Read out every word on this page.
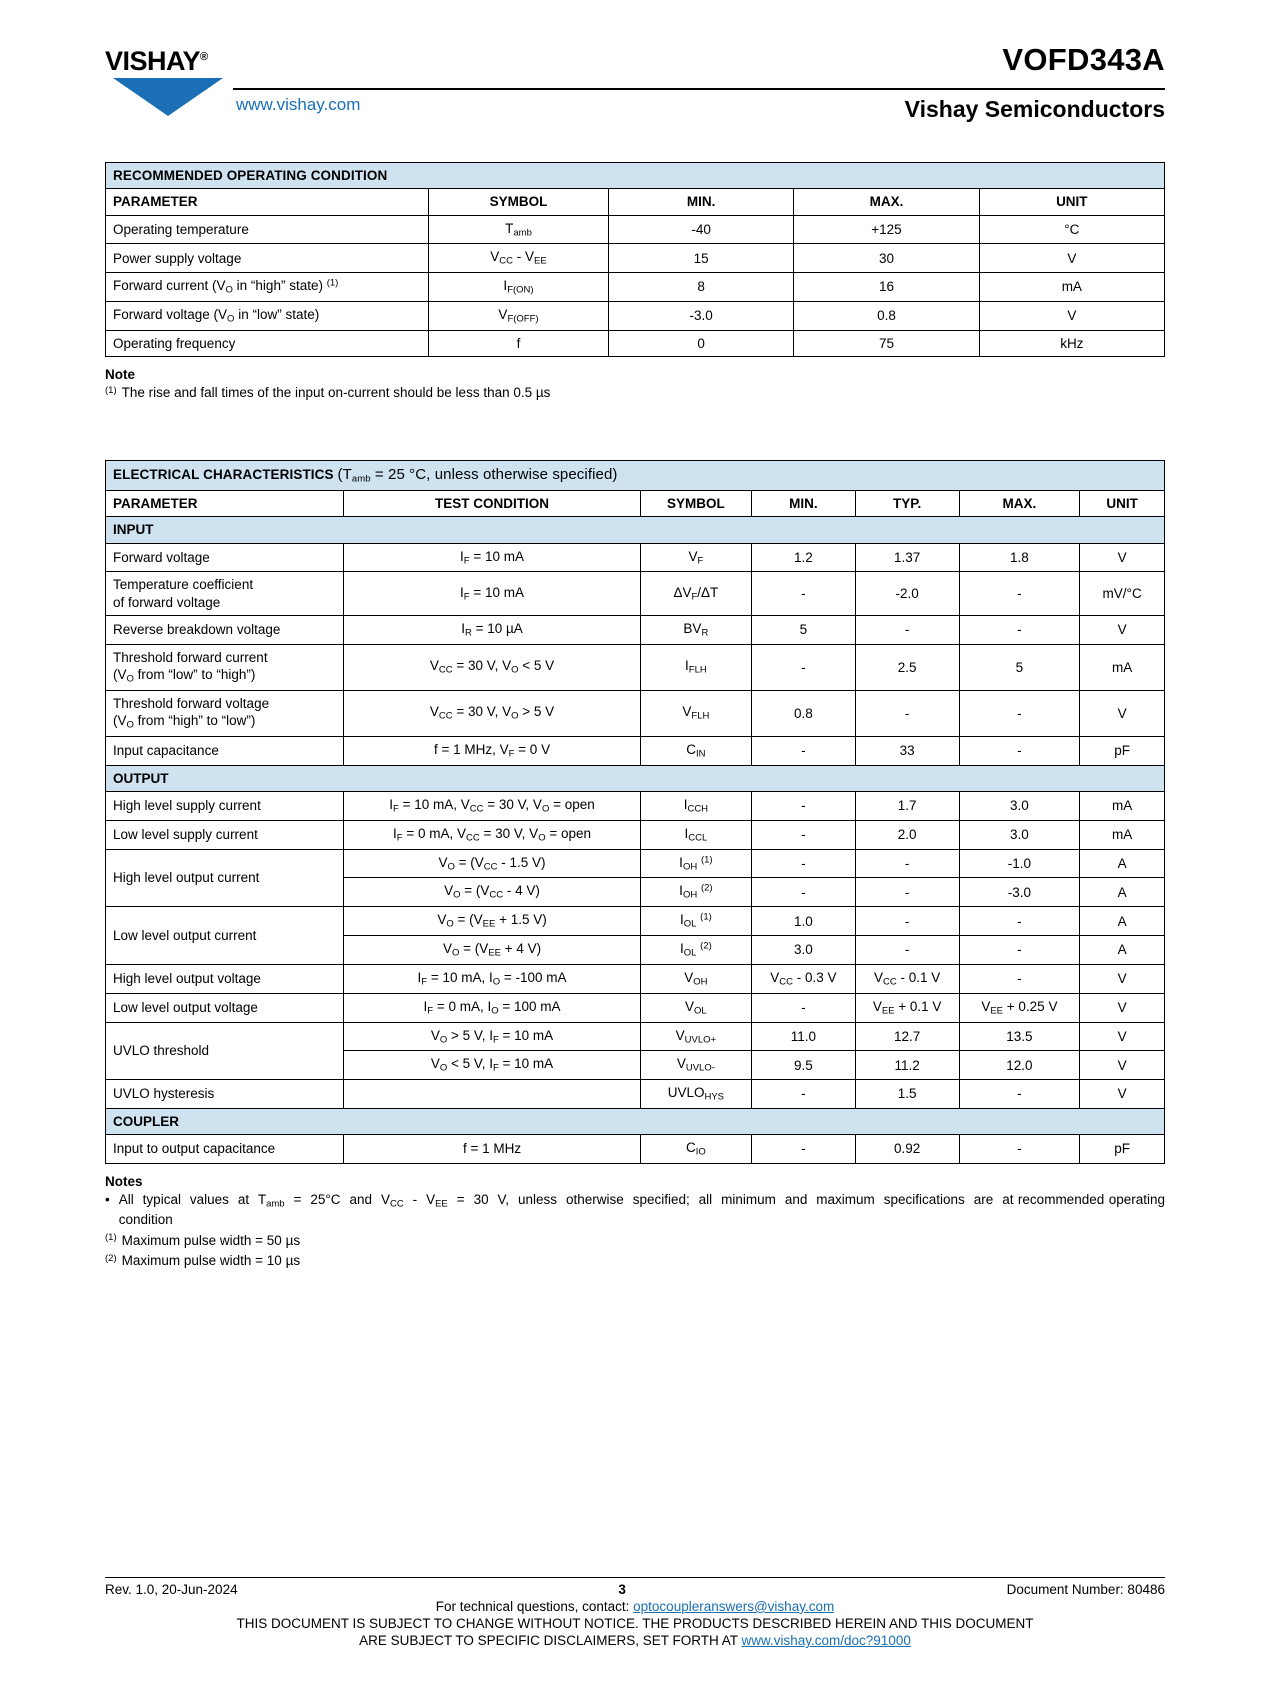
VISHAY®
www.vishay.com
VOFD343A
Vishay Semiconductors
RECOMMENDED OPERATING CONDITION				
PARAMETER	SYMBOL	MIN.	MAX.	UNIT
Operating temperature	$T_{amb}$	-40	+125	°C
Power supply voltage	$V_{CC} - V_{EE}$	15	30	V
Forward current ($V_O$ in “high” state) $^{(1)}$	$I_{F(ON)}$	8	16	mA
Forward voltage ($V_O$ in “low” state)	$V_{F(OFF)}$	-3.0	0.8	V
Operating frequency	f	0	75	kHz
Note
$^{(1)}$ The rise and fall times of the input on-current should be less than 0.5 µs
ELECTRICAL CHARACTERISTICS ($T_{amb} = 25$ °C, unless otherwise specified)						
PARAMETER	TEST CONDITION	SYMBOL	MIN.	TYP.	MAX.	UNIT
INPUT						
Forward voltage	$I_F = 10$ mA	$V_F$	1.2	1.37	1.8	V
Temperature coefficient
of forward voltage	$I_F = 10$ mA	$\Delta V_F/\Delta T$	-	-2.0	-	mV/°C
Reverse breakdown voltage	$I_R = 10$ µA	$BV_R$	5	-	-	V
Threshold forward current
($V_O$ from “low” to “high”)	$V_{CC} = 30$ V, $V_O < 5$ V	$I_{FLH}$	-	2.5	5	mA
Threshold forward voltage
($V_O$ from “high” to “low”)	$V_{CC} = 30$ V, $V_O > 5$ V	$V_{FLH}$	0.8	-	-	V
Input capacitance	f = 1 MHz, $V_F = 0$ V	$C_{IN}$	-	33	-	pF
OUTPUT						
High level supply current	$I_F = 10$ mA, $V_{CC} = 30$ V, $V_O$ = open	$I_{CCH}$	-	1.7	3.0	mA
Low level supply current	$I_F = 0$ mA, $V_{CC} = 30$ V, $V_O$ = open	$I_{CCL}$	-	2.0	3.0	mA
High level output current	$V_O = (V_{CC} - 1.5$ V)	$I_{OH}$ $^{(1)}$	-	-	-1.0	A
	$V_O = (V_{CC} - 4$ V)	$I_{OH}$ $^{(2)}$	-	-	-3.0	A
Low level output current	$V_O = (V_{EE} + 1.5$ V)	$I_{OL}$ $^{(1)}$	1.0	-	-	A
	$V_O = (V_{EE} + 4$ V)	$I_{OL}$ $^{(2)}$	3.0	-	-	A
High level output voltage	$I_F = 10$ mA, $I_O = -100$ mA	$V_{OH}$	$V_{CC} - 0.3$ V	$V_{CC} - 0.1$ V	-	V
Low level output voltage	$I_F = 0$ mA, $I_O = 100$ mA	$V_{OL}$	-	$V_{EE} + 0.1$ V	$V_{EE} + 0.25$ V	V
UVLO threshold	$V_O > 5$ V, $I_F = 10$ mA	$V_{UVLO+}$	11.0	12.7	13.5	V
	$V_O < 5$ V, $I_F = 10$ mA	$V_{UVLO-}$	9.5	11.2	12.0	V
UVLO hysteresis		$UVLO_{HYS}$	-	1.5	-	V
COUPLER						
Input to output capacitance	f = 1 MHz	$C_{IO}$	-	0.92	-	pF
Notes
• All  typical  values  at  $T_{amb} = 25^\circ C$  and  $V_{CC} - V_{EE} = 30$  V,  unless  otherwise  specified;  all  minimum  and  maximum  specifications  are  at recommended operating condition
$^{(1)}$ Maximum pulse width = 50 µs
$^{(2)}$ Maximum pulse width = 10 µs
Rev. 1.0, 20-Jun-2024	3	Document Number: 80486
For technical questions, contact: optocoupleranswers@vishay.com
THIS DOCUMENT IS SUBJECT TO CHANGE WITHOUT NOTICE. THE PRODUCTS DESCRIBED HEREIN AND THIS DOCUMENT
ARE SUBJECT TO SPECIFIC DISCLAIMERS, SET FORTH AT www.vishay.com/doc?91000
